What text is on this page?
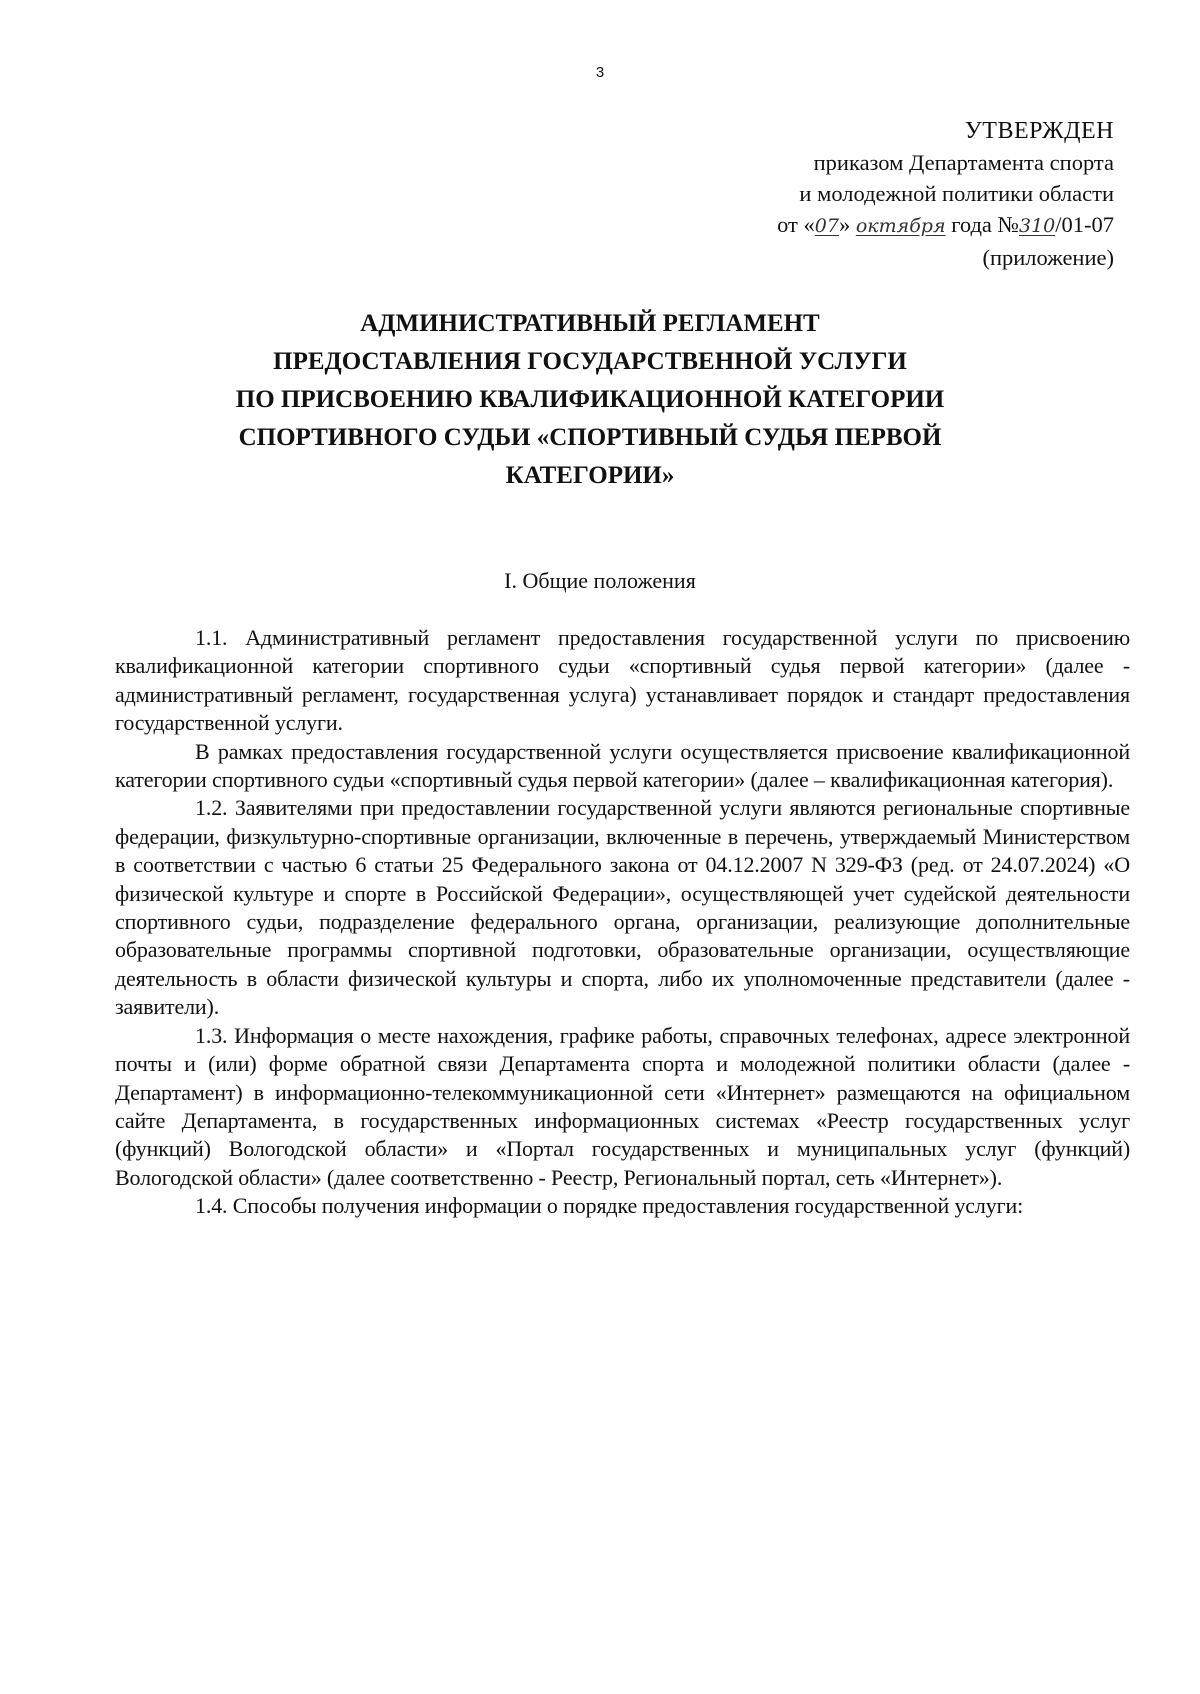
3
УТВЕРЖДЕН
приказом Департамента спорта
и молодежной политики области
от «07» октября года №310/01-07
(приложение)
АДМИНИСТРАТИВНЫЙ РЕГЛАМЕНТ
ПРЕДОСТАВЛЕНИЯ ГОСУДАРСТВЕННОЙ УСЛУГИ
ПО ПРИСВОЕНИЮ КВАЛИФИКАЦИОННОЙ КАТЕГОРИИ
СПОРТИВНОГО СУДЬИ «СПОРТИВНЫЙ СУДЬЯ ПЕРВОЙ
КАТЕГОРИИ»
I. Общие положения

1.1. Административный регламент предоставления государственной услуги по присвоению квалификационной категории спортивного судьи «спортивный судья первой категории» (далее - административный регламент, государственная услуга) устанавливает порядок и стандарт предоставления государственной услуги.

В рамках предоставления государственной услуги осуществляется присвоение квалификационной категории спортивного судьи «спортивный судья первой категории» (далее – квалификационная категория).

1.2. Заявителями при предоставлении государственной услуги являются региональные спортивные федерации, физкультурно-спортивные организации, включенные в перечень, утверждаемый Министерством в соответствии с частью 6 статьи 25 Федерального закона от 04.12.2007 N 329-ФЗ (ред. от 24.07.2024) «О физической культуре и спорте в Российской Федерации», осуществляющей учет судейской деятельности спортивного судьи, подразделение федерального органа, организации, реализующие дополнительные образовательные программы спортивной подготовки, образовательные организации, осуществляющие деятельность в области физической культуры и спорта, либо их уполномоченные представители (далее - заявители).

1.3. Информация о месте нахождения, графике работы, справочных телефонах, адресе электронной почты и (или) форме обратной связи Департамента спорта и молодежной политики области (далее - Департамент) в информационно-телекоммуникационной сети «Интернет» размещаются на официальном сайте Департамента, в государственных информационных системах «Реестр государственных услуг (функций) Вологодской области» и «Портал государственных и муниципальных услуг (функций) Вологодской области» (далее соответственно - Реестр, Региональный портал, сеть «Интернет»).

1.4. Способы получения информации о порядке предоставления государственной услуги:
